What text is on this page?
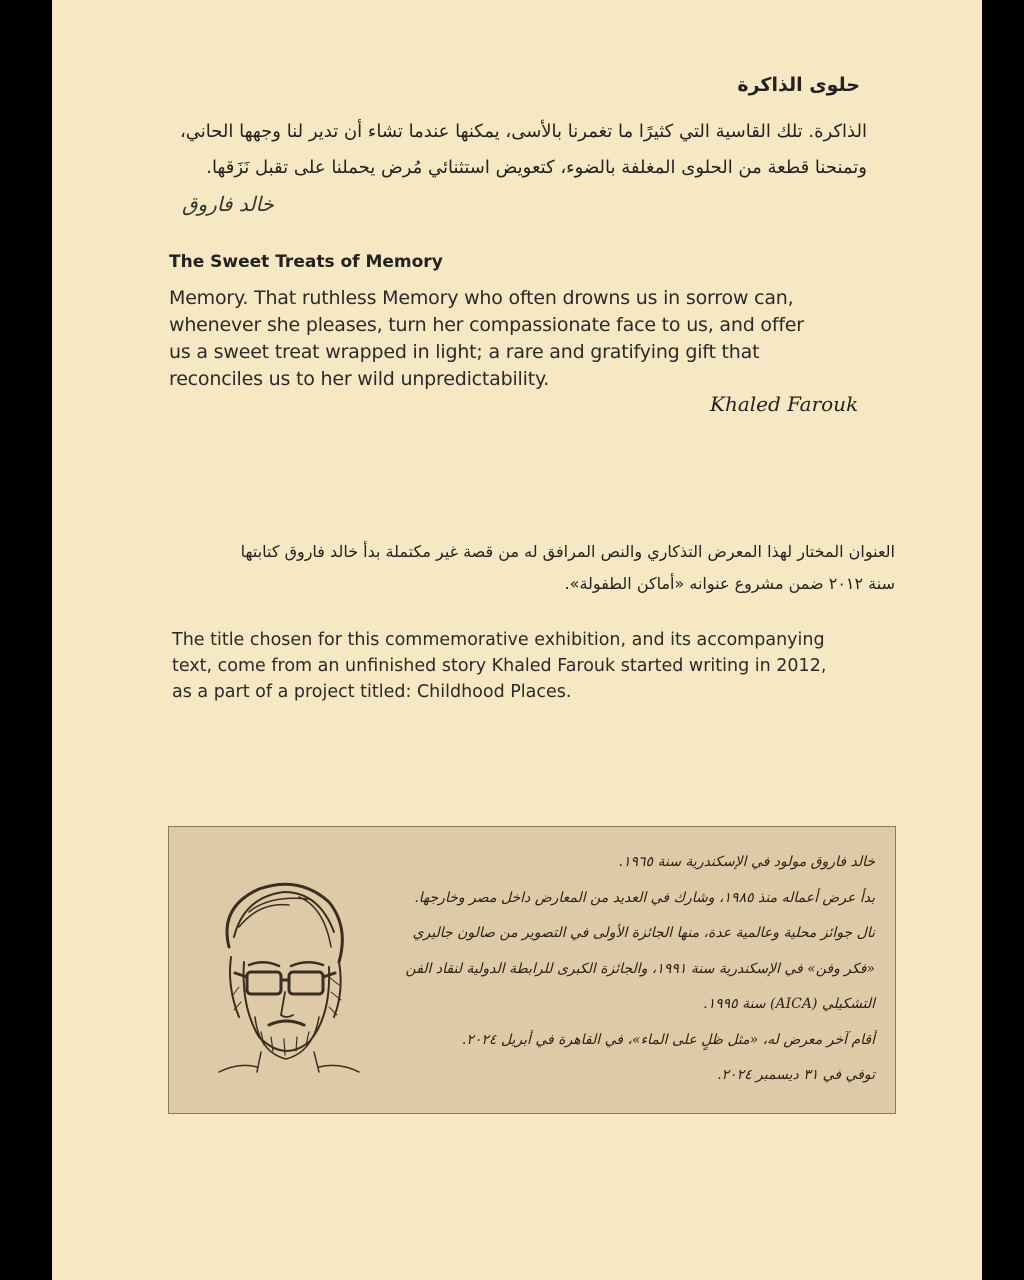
حلوى الذاكرة
الذاكرة. تلك القاسية التي كثيرًا ما تغمرنا بالأسى، يمكنها عندما تشاء أن تدير لنا وجهها الحاني،
وتمنحنا قطعة من الحلوى المغلفة بالضوء، كتعويض استثنائي مُرض يحملنا على تقبل نَزَقها.
خالد فاروق
The Sweet Treats of Memory
Memory. That ruthless Memory who often drowns us in sorrow can,
whenever she pleases, turn her compassionate face to us, and offer
us a sweet treat wrapped in light; a rare and gratifying gift that
reconciles us to her wild unpredictability.
Khaled Farouk
العنوان المختار لهذا المعرض التذكاري والنص المرافق له من قصة غير مكتملة بدأ خالد فاروق كتابتها
سنة ٢٠١٢ ضمن مشروع عنوانه «أماكن الطفولة».
The title chosen for this commemorative exhibition, and its accompanying
text, come from an unfinished story Khaled Farouk started writing in 2012,
as a part of a project titled: Childhood Places.
خالد فاروق مولود في الإسكندرية سنة ١٩٦٥.
بدأ عرض أعماله منذ ١٩٨٥، وشارك في العديد من المعارض داخل مصر وخارجها.
نال جوائز محلية وعالمية عدة، منها الجائزة الأولى في التصوير من صالون جاليري
«فكر وفن» في الإسكندرية سنة ١٩٩١، والجائزة الكبرى للرابطة الدولية لنقاد الفن
التشكيلي (AICA) سنة ١٩٩٥.
أقام آخر معرض له، «مثل ظلٍ على الماء»، في القاهرة في أبريل ٢٠٢٤.
توفي في ٣١ ديسمبر ٢٠٢٤.
